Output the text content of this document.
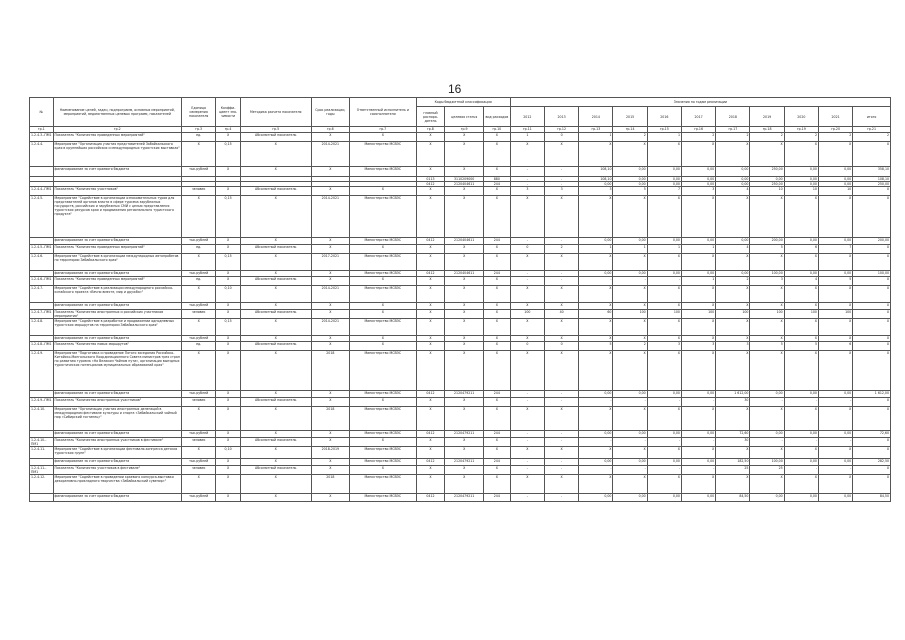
16
№	Наименование целей, задач, подпрограмм, основных мероприятий, мероприятий, ведомственных целевых программ, показателей	Единица измерения показателя	Коэффи-циент зна-чимости	Методика расчета показателя	Срок реализации, годы	Ответственный исполнитель и соисполнители	Коды бюджетной классификации			Значения по годам реализации										
							главный распоря-дитель	целевая статья	вид расходов	2012	2013	2014	2015	2016	2017	2018	2019	2020	2021	итого
гр.1	гр.2	гр.3	гр.4	гр.5	гр.6	гр.7	гр.8	гр.9	гр.10	гр.11	гр.12	гр.13	гр.14	гр.15	гр.16	гр.17	гр.18	гр.19	гр.20	гр.21
1.2.4.3.-ПМ1	Показатель "Количество проведенных мероприятий"	ед.	X	Абсолютный показатель	X	X	X	X	X	1	0	1	2	1	2	2	2	2	2	2
1.2.4.4.	Мероприятие "Организация участия представителей Забайкальского края в крупнейших российских и международных туристских выставках"	X	0,15	X	2014-2021	Министерство МСВЭС	X	X	X	X	X	X	X	X	X	X	X	X	X	X
	финансирование за счет краевого бюджета	тыс.рублей	X	X	X	Министерство МСВЭС	X	X	X	-	-	108,10	0,00	0,00	0,00	0,00	250,00	0,00	0,00	358,10
							0113	3110209000	880	-	-	108,10	0,00	0,00	0,00	0,00	0,00	0,00	0,00	108,10
							0412	2120404611	244	-	-	0,00	0,00	0,00	0,00	0,00	250,00	0,00	0,00	250,00
1.2.4.4.-ПМ1	Показатель "Количество участников"	человек	X	Абсолютный показатель	X	X	X	X	X	3	3	3	5	7	3	4	10	10	10	X
1.2.4.5.	Мероприятие "Содействие в организации ознакомительных туров для представителей органов власти в сфере туризма зарубежных государств, российских и зарубежных СМИ с целью представления туристских ресурсов края и продвижения регионального туристского продукта"	X	0,15	X	2014-2021	Министерство МСВЭС	X	X	X	X	X	X	X	X	X	X	X	X	X	X
	финансирование за счет краевого бюджета	тыс.рублей	X	X	X	Министерство МСВЭС	0412	2120404611	244	-	-	0,00	0,00	0,00	0,00	0,00	200,00	0,00	0,00	200,00
1.2.4.5.-ПМ1	Показатель "Количество проведенных мероприятий"	ед.	X	Абсолютный показатель	X	X	X	X	X	0	2	1	1	1	1	4	5	6	7	X
1.2.4.6.	Мероприятие "Содействие в организации международных автопробегов по территории Забайкальского края"	X	0,15	X	2017-2021	Министерство МСВЭС	X	X	X	X	X	X	X	X	X	X	X	X	X	X
	финансирование за счет краевого бюджета	тыс.рублей	X	X	X	Министерство МСВЭС	0412	2120404611	244	-	-	0,00	0,00	0,00	0,00	0,00	100,00	0,00	0,00	100,00
1.2.4.6.-ПМ1	Показатель "Количество проведенных мероприятий"	ед.	X	Абсолютный показатель	X	X	X	X	X	-	-	-	-	-	1	2	3	4	5	X
1.2.4.7.	Мероприятие "Содействие в реализации международного российско-китайского проекта «Вечно вместе, мир и дружба»"	X	0,10	X	2014-2021	Министерство МСВЭС	X	X	X	X	X	X	X	X	X	X	X	X	X	X
	финансирование за счет краевого бюджета	тыс.рублей	X	X	X	X	X	X	X	X	X	X	X	X	X	X	X	X	X	X
1.2.4.7.-ПМ1	Показатель "Количество иностранных и российских участников мероприятия"	человек	X	Абсолютный показатель	X	X	X	X	X	100	40	60	100	100	100	100	100	100	100	X
1.2.4.8.	Мероприятие "Содействие в разработке и продвижении однодневных туристских маршрутов на территории Забайкальского края"	X	0,15	X	2014-2021	Министерство МСВЭС	X	X	X	X	X	X	X	X	X	X	X	X	X	X
	финансирование за счет краевого бюджета	тыс.рублей	X	X	X	X	X	X	X	X	X	X	X	X	X	X	X	X	X	X
1.2.4.8.-ПМ1	Показатель "Количество новых маршрутов"	ед.	X	Абсолютный показатель	X	X	X	X	X	0	0	5	2	3	3	3	5	5	6	X
1.2.4.9.	Мероприятие "Подготовка и проведение Пятого заседания Российско-Китайско-Монгольского Координационного Совета министров трех стран по развитию туризма «На Великом Чайном пути», организация выездных туристических потенциалов муниципальных образований края"	X	X	X	2018	Министерство МСВЭС	X	X	X	X	X	X	X	X	X	X	X	X	X	X
	финансирование за счет краевого бюджета	тыс.рублей	X	X	X	Министерство МСВЭС	0412	2120479211	244	-	-	0,00	0,00	0,00	0,00	1 612,00	0,00	0,00	0,00	1 612,00
1.2.4.9.-ПМ1	Показатель "Количество иностранных участников"	человек	X	Абсолютный показатель	X	X	X	X	X	-	-	-	-	-	-	30	-	-	-	X
1.2.4.10.	Мероприятие "Организация участия иностранных делегаций в международном фестивале культуры и спорта «Забайкальский чайный пир «Сибирский гостинец»"	X	X	X	2018	Министерство МСВЭС	X	X	X	X	X	X	X	X	X	X	X	X	X	X
	финансирование за счет краевого бюджета	тыс.рублей	X	X	X	Министерство МСВЭС	0412	2120479211	244	-	-	0,00	0,00	0,00	0,00	72,60	0,00	0,00	0,00	72,60
1.2.4.10.-ПМ1	Показатель "Количество иностранных участников в фестивале"	человек	X	Абсолютный показатель	X	X	X	X	X	-	-	-	-	-	-	30	-	-	-	X
1.2.4.11.	Мероприятие "Содействие в организации фестиваля-конгресса детских туристских групп"	X	0,10	X	2018-2019	Министерство МСВЭС	X	X	X	X	X	X	X	X	X	X	X	X	X	X
	финансирование за счет краевого бюджета	тыс.рублей	X	X	X	Министерство МСВЭС	0412	2120479211	244	-	-	0,00	0,00	0,00	0,00	182,50	100,00	0,00	0,00	282,50
1.2.4.11.-ПМ1	Показатель "Количество участников в фестивале"	человек	X	Абсолютный показатель	X	X	X	X	X	-	-	-	-	-	-	25	25	-	-	X
1.2.4.12.	Мероприятие "Содействие в проведении краевого конкурса-выставки декоративно-прикладного творчества «Забайкальский сувенир»"	X	X	X	2018	Министерство МСВЭС	X	X	X	X	X	X	X	X	X	X	X	X	X	X
	финансирование за счет краевого бюджета	тыс.рублей	X	X	X	Министерство МСВЭС	0412	2120479211	244	-	-	0,00	0,00	0,00	0,00	84,50	0,00	0,00	0,00	84,50
